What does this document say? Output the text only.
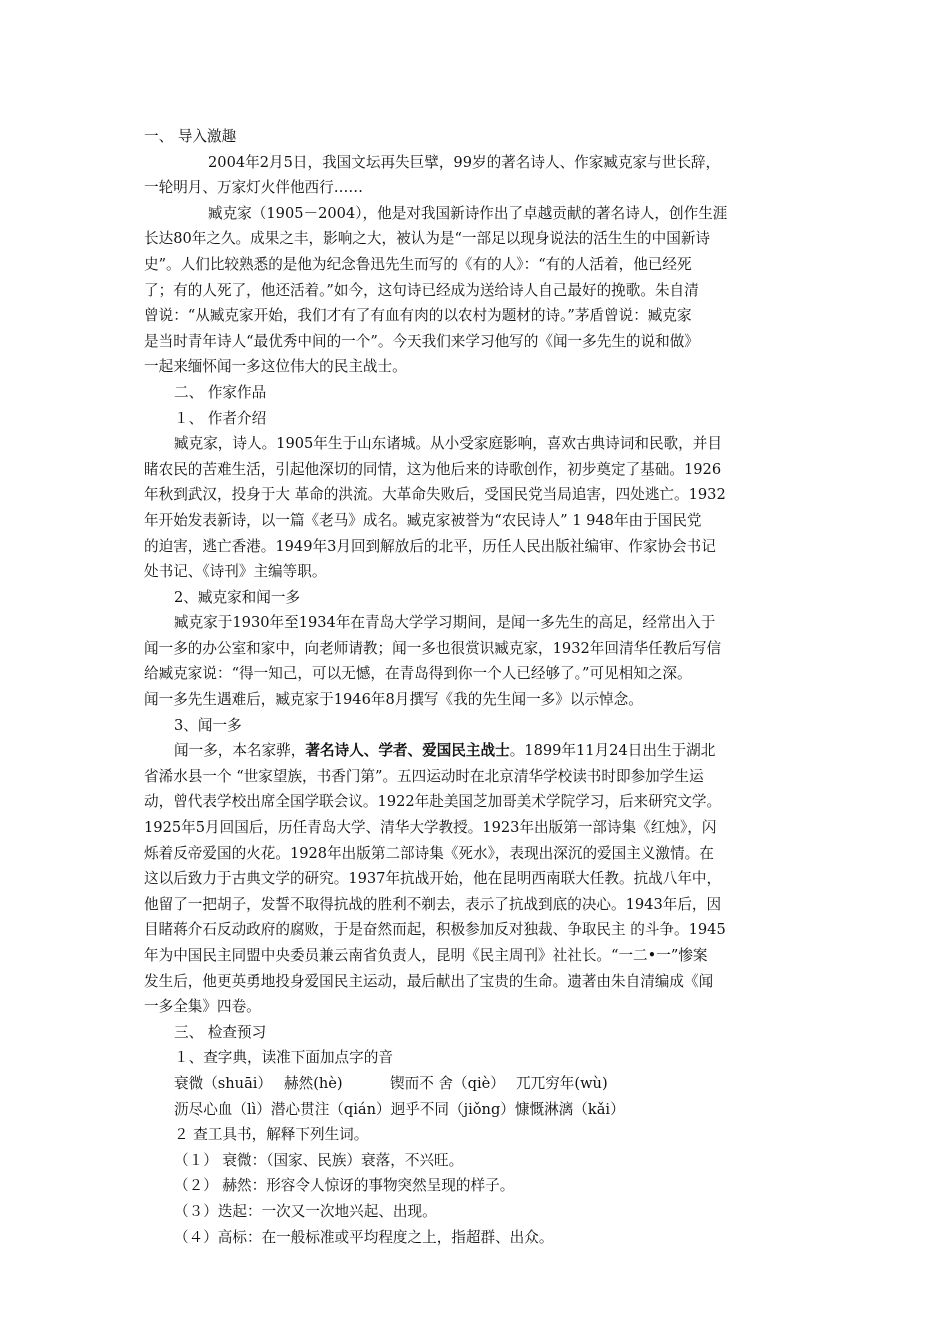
一、 导入激趣
2004年2月5日，我国文坛再失巨擘，99岁的著名诗人、作家臧克家与世长辞，
一轮明月、万家灯火伴他西行……
臧克家（1905－2004），他是对我国新诗作出了卓越贡献的著名诗人，创作生涯
长达80年之久。成果之丰，影响之大，被认为是“一部足以现身说法的活生生的中国新诗
史”。人们比较熟悉的是他为纪念鲁迅先生而写的《有的人》：“有的人活着，他已经死
了；有的人死了，他还活着。”如今，这句诗已经成为送给诗人自己最好的挽歌。朱自清
曾说：“从臧克家开始，我们才有了有血有肉的以农村为题材的诗。”茅盾曾说：臧克家
是当时青年诗人“最优秀中间的一个”。今天我们来学习他写的《闻一多先生的说和做》
一起来缅怀闻一多这位伟大的民主战士。
二、 作家作品
１、 作者介绍
臧克家，诗人。1905年生于山东诸城。从小受家庭影响，喜欢古典诗词和民歌，并目
睹农民的苦难生活，引起他深切的同情，这为他后来的诗歌创作，初步奠定了基础。1926
年秋到武汉，投身于大 革命的洪流。大革命失败后，受国民党当局追害，四处逃亡。1932
年开始发表新诗，以一篇《老马》成名。臧克家被誉为“农民诗人” 1 948年由于国民党
的迫害，逃亡香港。1949年3月回到解放后的北平，历任人民出版社编审、作家协会书记
处书记、《诗刊》主编等职。
2、臧克家和闻一多
臧克家于1930年至1934年在青岛大学学习期间，是闻一多先生的高足，经常出入于
闻一多的办公室和家中，向老师请教；闻一多也很赏识臧克家，1932年回清华任教后写信
给臧克家说：“得一知己，可以无憾，在青岛得到你一个人已经够了。”可见相知之深。
闻一多先生遇难后，臧克家于1946年8月撰写《我的先生闻一多》以示悼念。
3、闻一多
闻一多，本名家骅，著名诗人、学者、爱国民主战士。1899年11月24日出生于湖北
省浠水县一个 “世家望族，书香门第”。五四运动时在北京清华学校读书时即参加学生运
动，曾代表学校出席全国学联会议。1922年赴美国芝加哥美术学院学习，后来研究文学。
1925年5月回国后，历任青岛大学、清华大学教授。1923年出版第一部诗集《红烛》，闪
烁着反帝爱国的火花。1928年出版第二部诗集《死水》，表现出深沉的爱国主义激情。在
这以后致力于古典文学的研究。1937年抗战开始，他在昆明西南联大任教。抗战八年中，
他留了一把胡子，发誓不取得抗战的胜利不剃去，表示了抗战到底的决心。1943年后，因
目睹蒋介石反动政府的腐败，于是奋然而起，积极参加反对独裁、争取民主 的斗争。1945
年为中国民主同盟中央委员兼云南省负责人，昆明《民主周刊》社社长。“一二•一”惨案
发生后，他更英勇地投身爱国民主运动，最后献出了宝贵的生命。遗著由朱自清编成《闻
一多全集》四卷。
三、 检查预习
１、查字典，读准下面加点字的音
衰微（shuāi） 赫然(hè)	锲而不 舍（qiè） 兀兀穷年(wù)
沥尽心血（lì）潜心贯注（qián）迥乎不同（jiǒng）慷慨淋漓（kǎi）
２ 查工具书，解释下列生词。
（１） 衰微：（国家、民族）衰落，不兴旺。
（２） 赫然：形容令人惊讶的事物突然呈现的样子。
（３）迭起：一次又一次地兴起、出现。
（４）高标：在一般标准或平均程度之上，指超群、出众。
